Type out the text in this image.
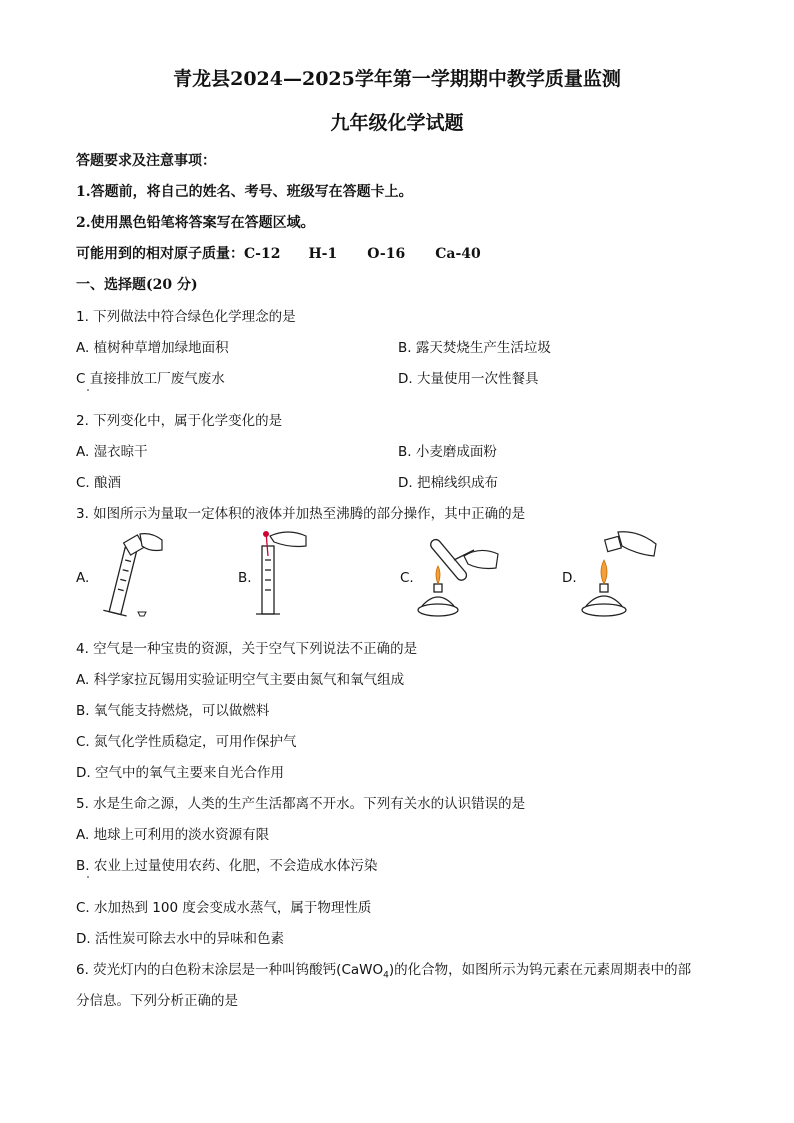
青龙县2024—2025学年第一学期期中教学质量监测
九年级化学试题
答题要求及注意事项：
1.答题前，将自己的姓名、考号、班级写在答题卡上。
2.使用黑色铅笔将答案写在答题区域。
可能用到的相对原子质量：C-12 H-1 O-16 Ca-40
一、选择题(20 分)
1. 下列做法中符合绿色化学理念的是
A. 植树种草增加绿地面积	B. 露天焚烧生产生活垃圾
C 直接排放工厂废气废水	D. 大量使用一次性餐具
2. 下列变化中，属于化学变化的是
A. 湿衣晾干	B. 小麦磨成面粉
C. 酿酒	D. 把棉线织成布
3. 如图所示为量取一定体积的液体并加热至沸腾的部分操作，其中正确的是
A.	B.	C.	D.
4. 空气是一种宝贵的资源，关于空气下列说法不正确的是
A. 科学家拉瓦锡用实验证明空气主要由氮气和氧气组成
B. 氧气能支持燃烧，可以做燃料
C. 氮气化学性质稳定，可用作保护气
D. 空气中的氧气主要来自光合作用
5. 水是生命之源，人类的生产生活都离不开水。下列有关水的认识错误的是
A. 地球上可利用的淡水资源有限
B. 农业上过量使用农药、化肥，不会造成水体污染
C. 水加热到 100 度会变成水蒸气，属于物理性质
D. 活性炭可除去水中的异味和色素
6. 荧光灯内的白色粉末涂层是一种叫钨酸钙(CaWO$_4$)的化合物，如图所示为钨元素在元素周期表中的部
分信息。下列分析正确的是
